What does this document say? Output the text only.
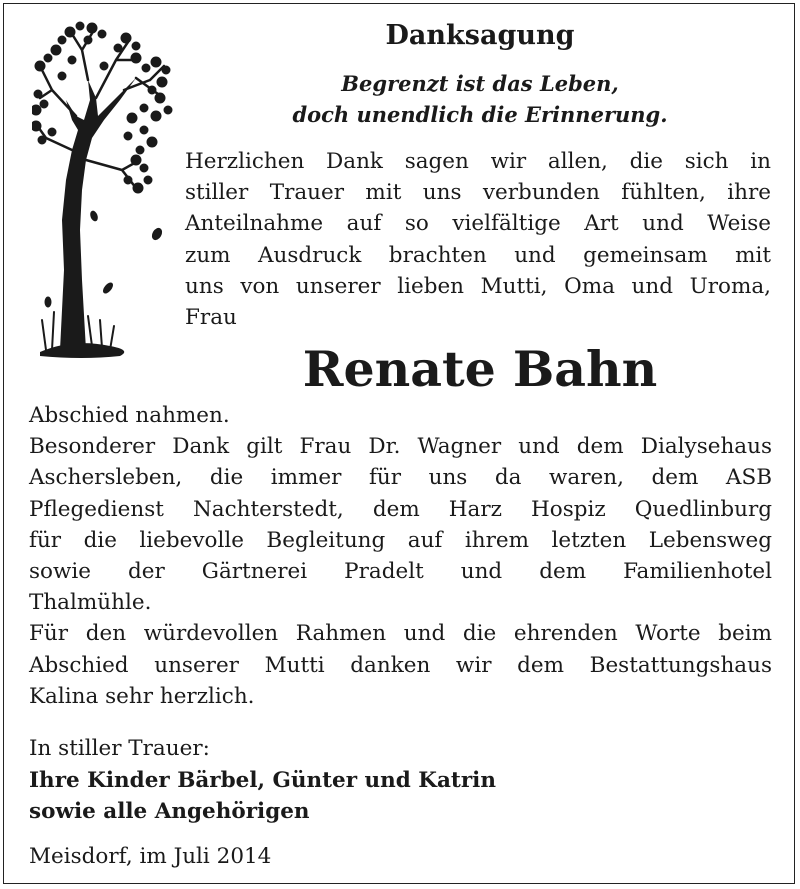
Danksagung
Begrenzt ist das Leben,
doch unendlich die Erinnerung.
Herzlichen Dank sagen wir allen, die sich in
stiller Trauer mit uns verbunden fühlten, ihre
Anteilnahme auf so vielfältige Art und Weise
zum Ausdruck brachten und gemeinsam mit
uns von unserer lieben Mutti, Oma und Uroma,
Frau
Renate Bahn
Abschied nahmen.
Besonderer Dank gilt Frau Dr. Wagner und dem Dialysehaus
Aschersleben, die immer für uns da waren, dem ASB
Pflegedienst Nachterstedt, dem Harz Hospiz Quedlinburg
für die liebevolle Begleitung auf ihrem letzten Lebensweg
sowie der Gärtnerei Pradelt und dem Familienhotel
Thalmühle.
Für den würdevollen Rahmen und die ehrenden Worte beim
Abschied unserer Mutti danken wir dem Bestattungshaus
Kalina sehr herzlich.
In stiller Trauer:
Ihre Kinder Bärbel, Günter und Katrin
sowie alle Angehörigen
Meisdorf, im Juli 2014
